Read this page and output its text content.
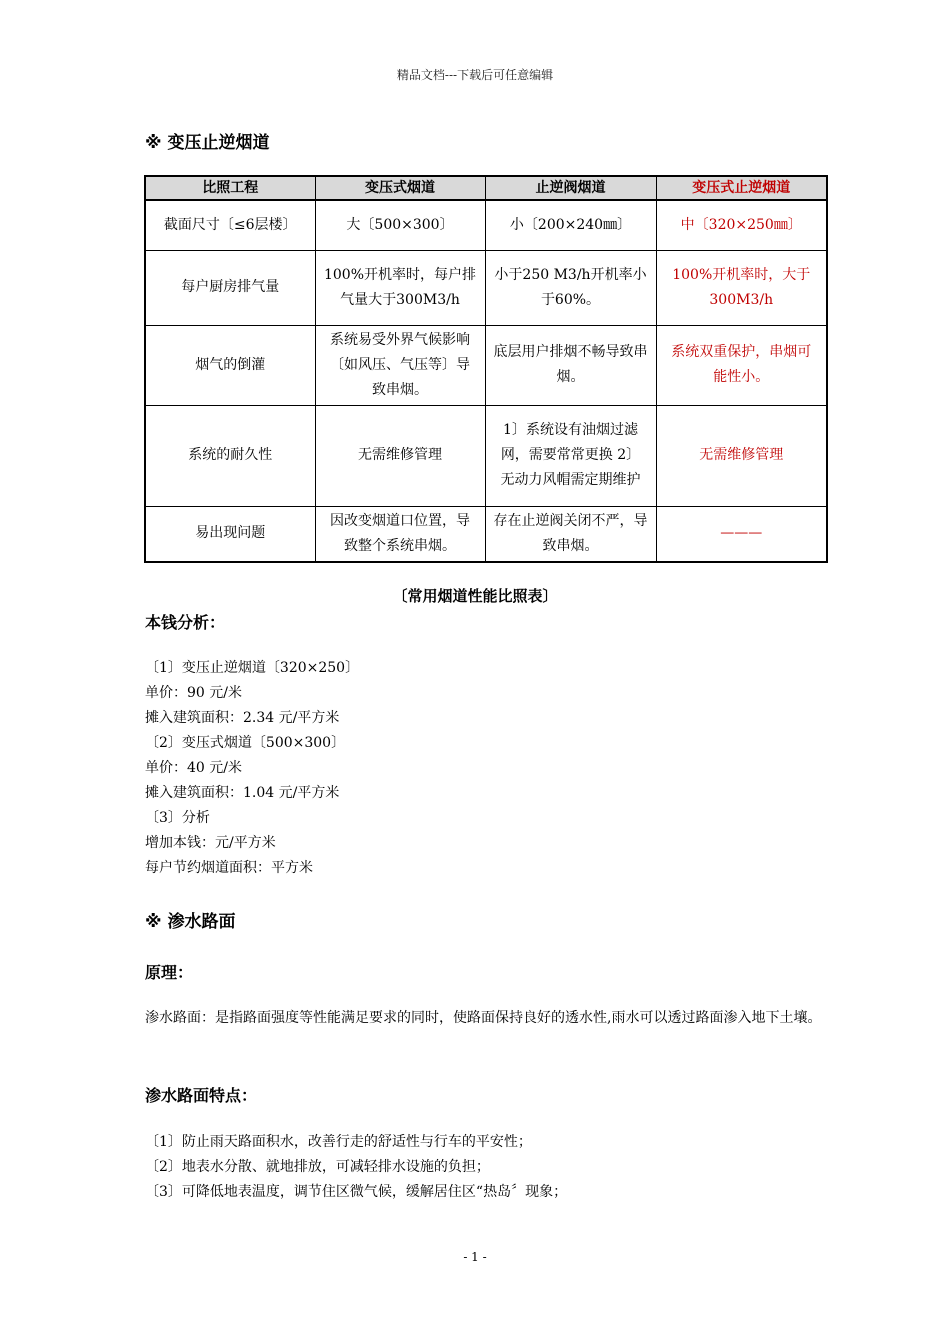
精品文档---下载后可任意编辑
※ 变压止逆烟道
比照工程	变压式烟道	止逆阀烟道	变压式止逆烟道
截面尺寸〔≤6层楼〕	大〔500×300〕	小〔200×240㎜〕	中〔320×250㎜〕
每户厨房排气量	100%开机率时，每户排气量大于300M3/h	小于250 M3/h开机率小于60%。	100%开机率时，大于300M3/h
烟气的倒灌	系统易受外界气候影响〔如风压、气压等〕导致串烟。	底层用户排烟不畅导致串烟。	系统双重保护，串烟可能性小。
系统的耐久性	无需维修管理	1〕系统设有油烟过滤网，需要常常更换 2〕 无动力风帽需定期维护	无需维修管理
易出现问题	因改变烟道口位置，导致整个系统串烟。	存在止逆阀关闭不严，导致串烟。	———
〔常用烟道性能比照表〕
本钱分析：
〔1〕变压止逆烟道〔320×250〕
单价：90 元/米
摊入建筑面积：2.34 元/平方米
〔2〕变压式烟道〔500×300〕
单价：40 元/米
摊入建筑面积：1.04 元/平方米
〔3〕分析
增加本钱：元/平方米
每户节约烟道面积：平方米
※ 渗水路面
原理：
渗水路面：是指路面强度等性能满足要求的同时，使路面保持良好的透水性,雨水可以透过路面渗入地下土壤。
渗水路面特点：
〔1〕防止雨天路面积水，改善行走的舒适性与行车的平安性；
〔2〕地表水分散、就地排放，可减轻排水设施的负担；
〔3〕可降低地表温度，调节住区微气候，缓解居住区“热岛〞现象；
- 1 -
